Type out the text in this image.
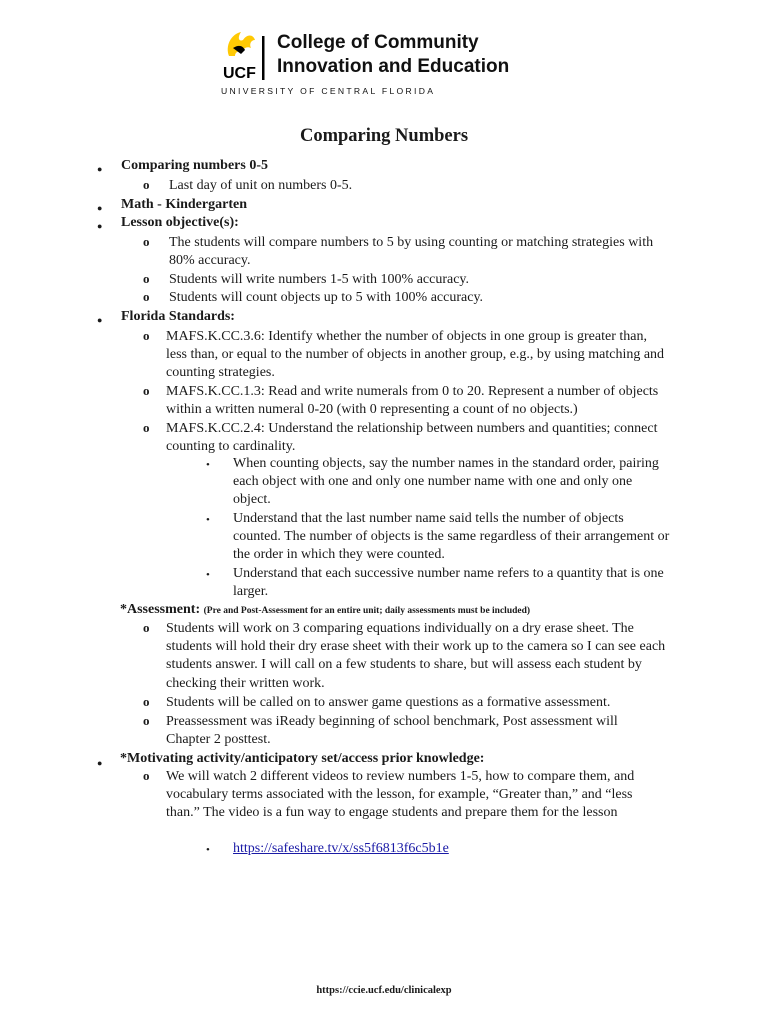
UCF
College of Community
Innovation and Education
UNIVERSITY OF CENTRAL FLORIDA
Comparing Numbers
● Comparing numbers 0-5
o Last day of unit on numbers 0-5.
● Math - Kindergarten
● Lesson objective(s):
o The students will compare numbers to 5 by using counting or matching strategies with 80% accuracy.
o Students will write numbers 1-5 with 100% accuracy.
o Students will count objects up to 5 with 100% accuracy.
● Florida Standards:
o MAFS.K.CC.3.6: Identify whether the number of objects in one group is greater than, less than, or equal to the number of objects in another group, e.g., by using matching and counting strategies.
o MAFS.K.CC.1.3: Read and write numerals from 0 to 20. Represent a number of objects within a written numeral 0-20 (with 0 representing a count of no objects.)
o MAFS.K.CC.2.4: Understand the relationship between numbers and quantities; connect counting to cardinality.
• When counting objects, say the number names in the standard order, pairing each object with one and only one number name with one and only one object.
• Understand that the last number name said tells the number of objects counted. The number of objects is the same regardless of their arrangement or the order in which they were counted.
• Understand that each successive number name refers to a quantity that is one larger.
*Assessment: (Pre and Post-Assessment for an entire unit; daily assessments must be included)
o Students will work on 3 comparing equations individually on a dry erase sheet. The students will hold their dry erase sheet with their work up to the camera so I can see each students answer. I will call on a few students to share, but will assess each student by checking their written work.
o Students will be called on to answer game questions as a formative assessment.
o Preassessment was iReady beginning of school benchmark, Post assessment will Chapter 2 posttest.
● *Motivating activity/anticipatory set/access prior knowledge:
o We will watch 2 different videos to review numbers 1-5, how to compare them, and vocabulary terms associated with the lesson, for example, “Greater than,” and “less than.” The video is a fun way to engage students and prepare them for the lesson
• https://safeshare.tv/x/ss5f6813f6c5b1e
https://ccie.ucf.edu/clinicalexp
